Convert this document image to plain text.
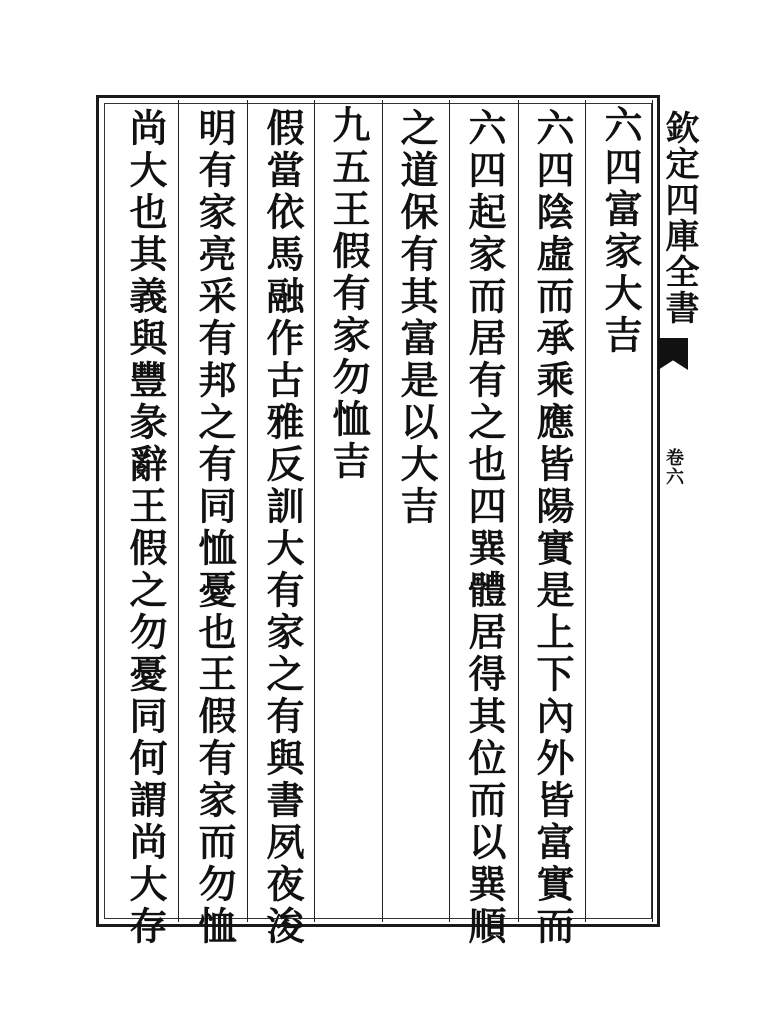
欽定四庫全書
卷六
六四富家大吉
六四陰虛而承乘應皆陽實是上下內外皆富實而
六四起家而居有之也四巽體居得其位而以巽順
之道保有其富是以大吉
九五王假有家勿恤吉
假當依馬融作古雅反訓大有家之有與書夙夜浚
明有家亮采有邦之有同恤憂也王假有家而勿恤
尚大也其義與豐彖辭王假之勿憂同何謂尚大存
